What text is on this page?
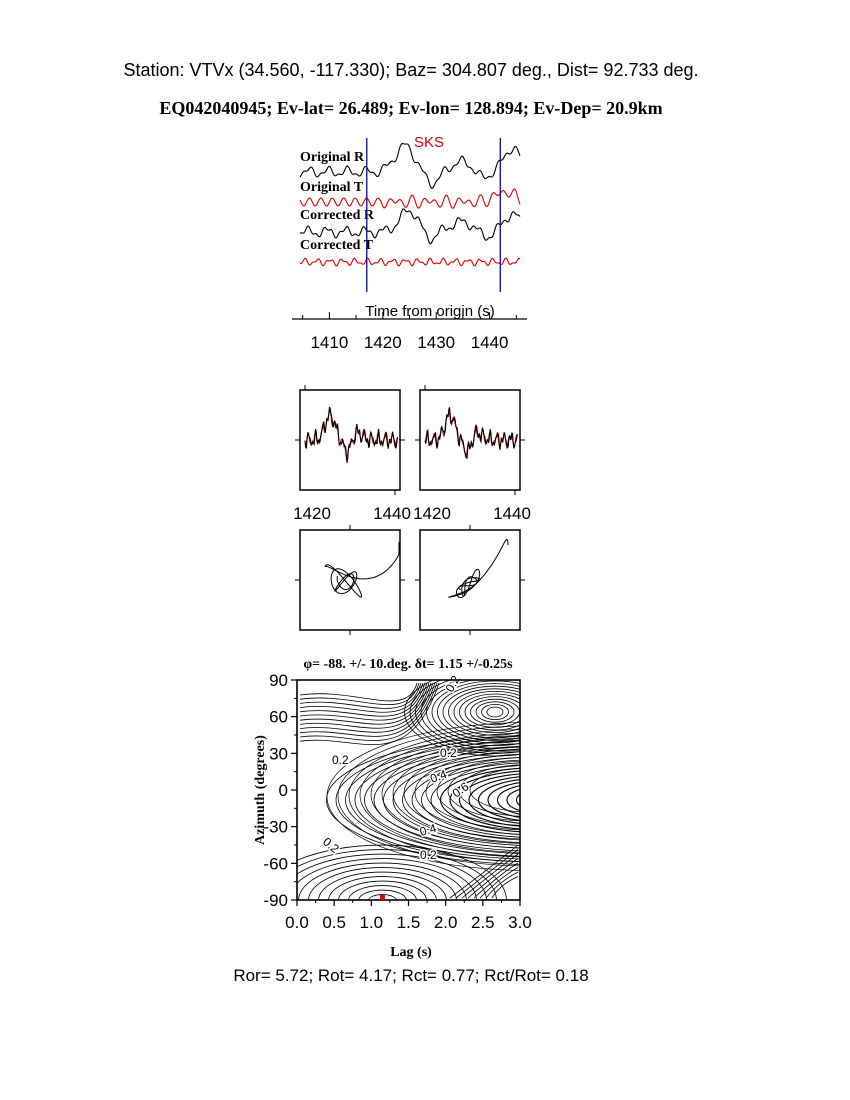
Station: VTVx (34.560, -117.330); Baz= 304.807 deg., Dist= 92.733 deg.
EQ042040945; Ev-lat= 26.489; Ev-lon= 128.894; Ev-Dep= 20.9km
Original R
Original T
Corrected R
Corrected T
SKS
1410 1420 1430 1440
Time from origin (s)
1420 1440 1420 1440
φ= -88. +/- 10.deg. δt= 1.15 +/-0.25s
0.2
0.2	0.2
0.4
0.6
0.4
0.2	0.2
0.0 0.5 1.0 1.5 2.0 2.5 3.0
90
60
30
0
-30
-60
-90
Lag (s)
Azimuth (degrees)
Ror= 5.72; Rot= 4.17; Rct= 0.77; Rct/Rot= 0.18
